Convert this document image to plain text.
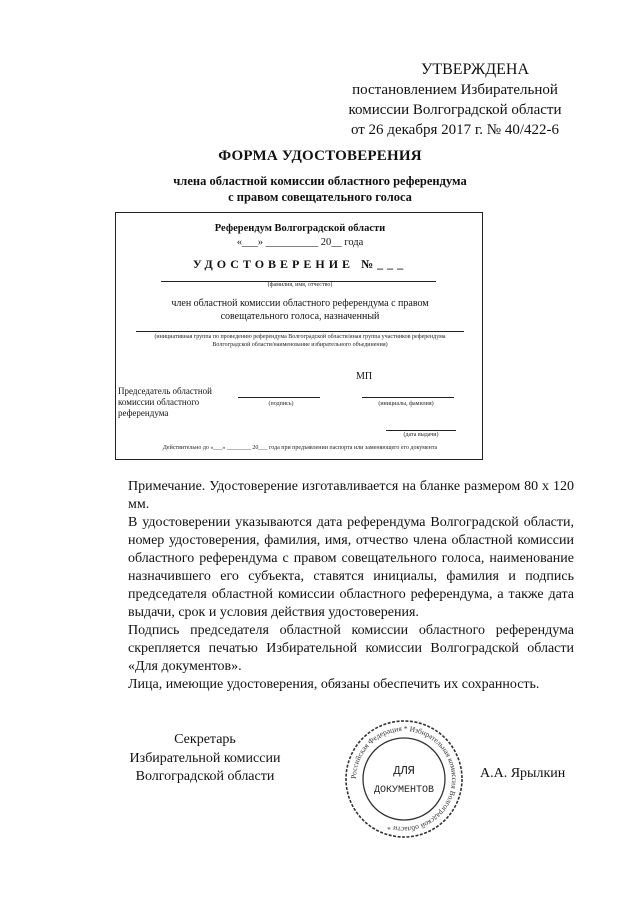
УТВЕРЖДЕНА
постановлением Избирательной
комиссии Волгоградской области
от 26 декабря 2017 г. № 40/422-6
ФОРМА УДОСТОВЕРЕНИЯ
члена областной комиссии областного референдума
с правом совещательного голоса
Референдум Волгоградской области
«___» __________ 20__ года
УДОСТОВЕРЕНИЕ №___
(фамилия, имя, отчество)
член областной комиссии областного референдума с правом
совещательного голоса, назначенный
(инициативная группа по проведению референдума Волгоградской области/иная группа участников референдума Волгоградской области/наименование избирательного объединения)
МП
Председатель областной комиссии областного референдума
(подпись)	(инициалы, фамилия)
(дата выдачи)
Действительно до «___» ________ 20___ года при предъявлении паспорта или заменяющего его документа

Примечание. Удостоверение изготавливается на бланке размером 80 х 120 мм.

В удостоверении указываются дата референдума Волгоградской области, номер удостоверения, фамилия, имя, отчество члена областной комиссии областного референдума с правом совещательного голоса, наименование назначившего его субъекта, ставятся инициалы, фамилия и подпись председателя областной комиссии областного референдума, а также дата выдачи, срок и условия действия удостоверения.

Подпись председателя областной комиссии областного референдума скрепляется печатью Избирательной комиссии Волгоградской области «Для документов».

Лица, имеющие удостоверения, обязаны обеспечить их сохранность.

Секретарь
Избирательной комиссии
Волгоградской области	А.А. Ярылкин
Российская Федерация * Избирательная комиссия Волгоградской области *
ДЛЯ
ДОКУМЕНТОВ
